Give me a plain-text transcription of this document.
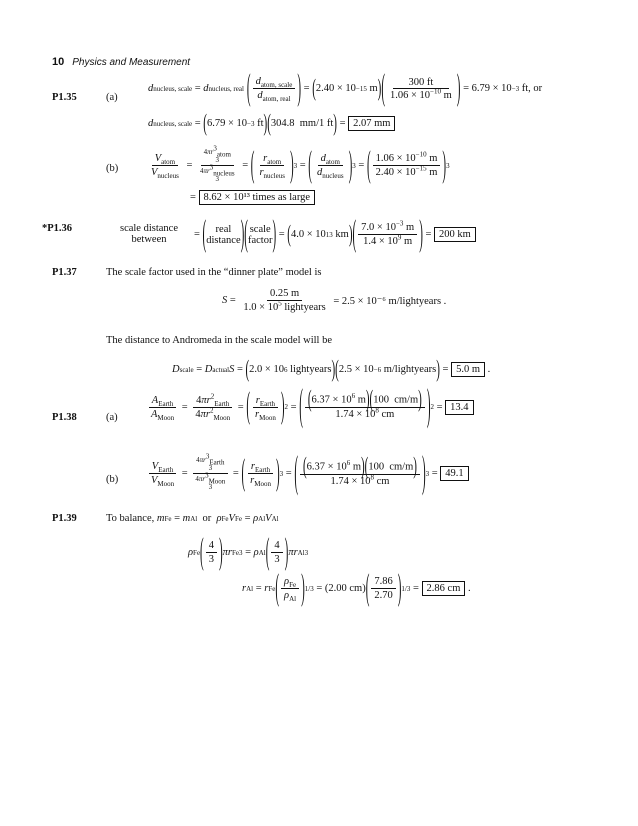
10 Physics and Measurement
P1.35	(a)
d nucleus, scale = d nucleus, real ( $\frac{d_{atom, scale}}{d_{atom, real}}$ ) = ( 2.40 × 10 −15 m ) ( $\frac{300 ft}{1.06 \times 10^{-10} m}$ )
= 6.79 × 10 −3
ft, or
d nucleus, scale = ( 6.79 × 10 −3 ft ) ( 304.8  mm/1 ft ) = 2.07 mm
(b)	$\frac{V_{atom}}{V_{nucleus}}$ =
$4\pi r^3_{atom}$
3
$4\pi r^3_{nucleus}$
3
= ( $\frac{r_{atom}}{r_{nucleus}}$ ) 3 = ( $\frac{d_{atom}}{d_{nucleus}}$ ) 3 = ( $\frac{1.06 \times 10^{-10} m}{2.40 \times 10^{-15} m}$ ) 3
= 8.62 × 10¹³ times as large
*P1.36	scale distance
between	= ( real
distance ) ( scale
factor ) = ( 4.0 × 10 13 km ) ( $\frac{7.0 \times 10^{-3} m}{1.4 \times 10^9 m}$ ) = 200 km
P1.37	The scale factor used in the “dinner plate” model is
$S = \frac{0.25 m}{1.0 \times 10^5 lightyears}$
= 2.5 × 10⁻⁶ m/lightyears .
The distance to Andromeda in the scale model will be
D scale = D actual S = ( 2.0 × 10 6 lightyears ) ( 2.5 × 10 −6 m/lightyears ) = 5.0 m .
P1.38	(a)	$\frac{A_{Earth}}{A_{Moon}} = \frac{4\pi r^2_{Earth}}{4\pi r^2_{Moon}}$ = ( $\frac{r_{Earth}}{r_{Moon}}$ ) 2 = ( $\frac{(6.37 \times 10^6 m)(100 cm/m)}{1.74 \times 10^8 cm}$ ) 2 = 13.4
(b)	$\frac{V_{Earth}}{V_{Moon}}$ =
$4\pi r^3_{Earth}$
3
$4\pi r^3_{Moon}$
3
= ( $\frac{r_{Earth}}{r_{Moon}}$ ) 3 = ( $\frac{(6.37 \times 10^6 m)(100 cm/m)}{1.74 \times 10^8 cm}$ ) 3 = 49.1
P1.39	To balance,
m Fe = m Al or ρ Fe V Fe = ρ Al V Al
ρ Fe ( $\frac{4}{3}$ ) πr Fe 3 = ρ Al ( $\frac{4}{3}$ ) πr Al 3
r Al = r Fe ( $\frac{\rho_{Fe}}{\rho_{Al}}$ ) 1/3 = (2.00 cm) ( $\frac{7.86}{2.70}$ ) 1/3 = 2.86 cm .
